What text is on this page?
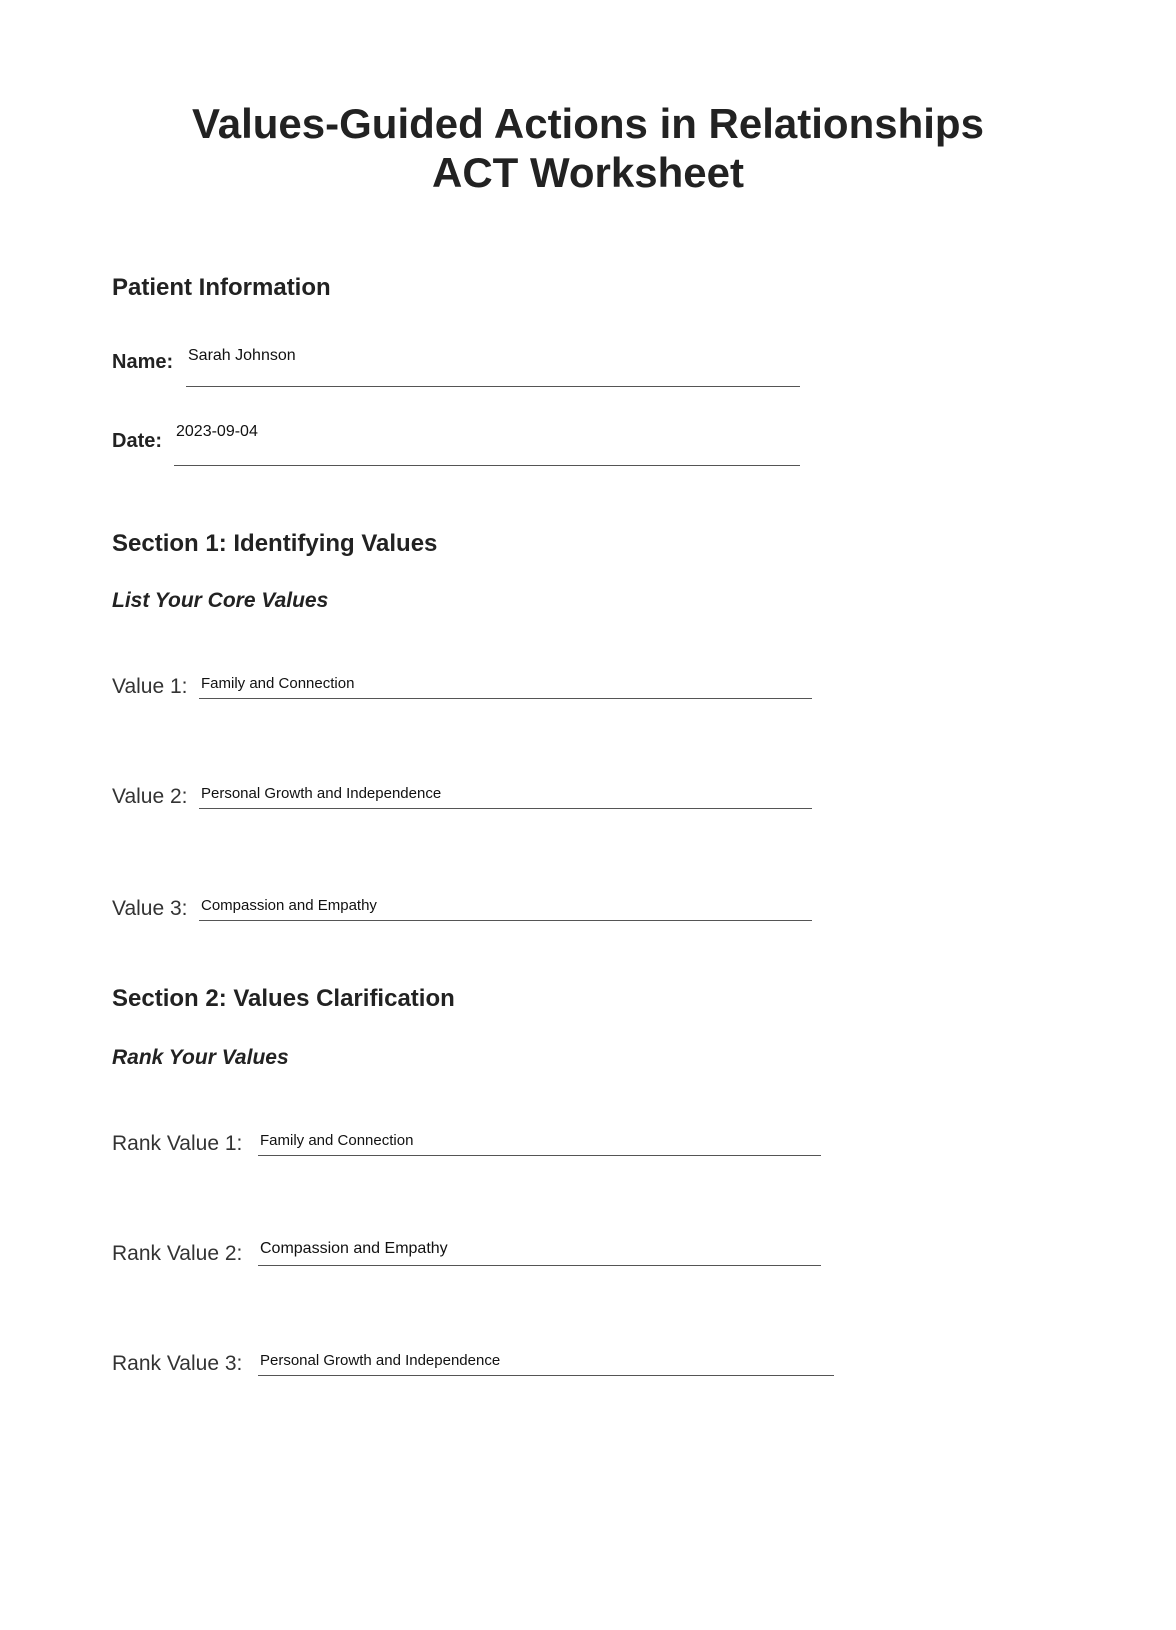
Values-Guided Actions in Relationships
ACT Worksheet
Patient Information
Name: Sarah Johnson
Date: 2023-09-04
Section 1: Identifying Values
List Your Core Values
Value 1: Family and Connection
Value 2: Personal Growth and Independence
Value 3: Compassion and Empathy
Section 2: Values Clarification
Rank Your Values
Rank Value 1: Family and Connection
Rank Value 2: Compassion and Empathy
Rank Value 3: Personal Growth and Independence
